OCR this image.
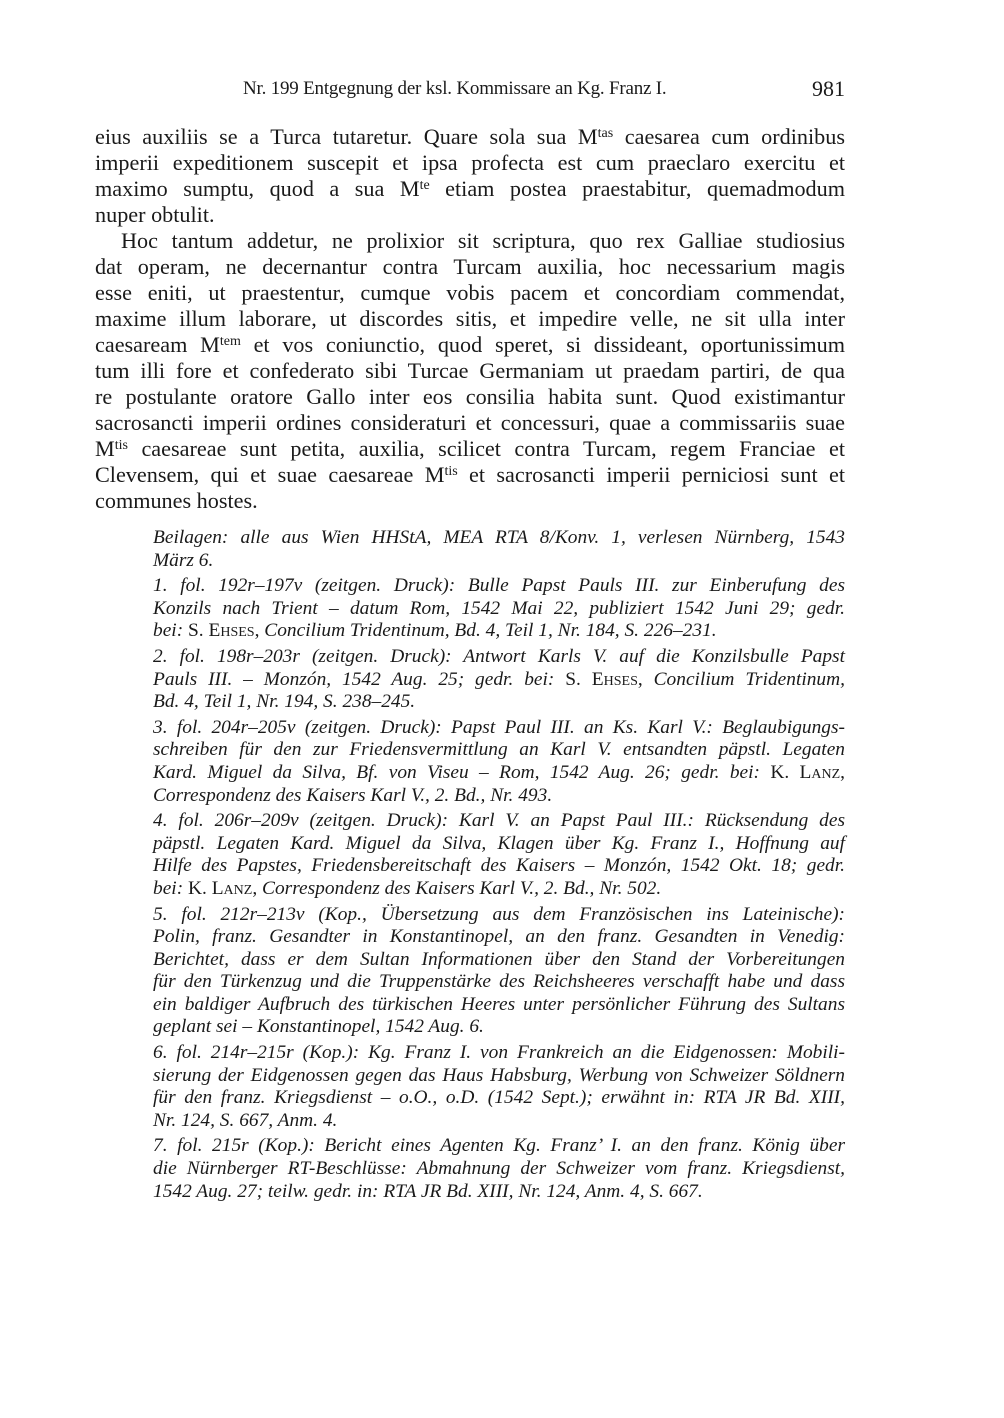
Nr. 199 Entgegnung der ksl. Kommissare an Kg. Franz I.	981
eius auxiliis se a Turca tutaretur. Quare sola sua $M^{tas}$ caesarea cum ordinibus
imperii expeditionem suscepit et ipsa profecta est cum praeclaro exercitu et
maximo sumptu, quod a sua $M^{te}$ etiam postea praestabitur, quemadmodum
nuper obtulit.
Hoc tantum addetur, ne prolixior sit scriptura, quo rex Galliae studiosius
dat operam, ne decernantur contra Turcam auxilia, hoc necessarium magis
esse eniti, ut praestentur, cumque vobis pacem et concordiam commendat,
maxime illum laborare, ut discordes sitis, et impedire velle, ne sit ulla inter
caesaream $M^{tem}$ et vos coniunctio, quod speret, si dissideant, oportunissimum
tum illi fore et confederato sibi Turcae Germaniam ut praedam partiri, de qua
re postulante oratore Gallo inter eos consilia habita sunt. Quod existimantur
sacrosancti imperii ordines consideraturi et concessuri, quae a commissariis suae
$M^{tis}$ caesareae sunt petita, auxilia, scilicet contra Turcam, regem Franciae et
Clevensem, qui et suae caesareae $M^{tis}$ et sacrosancti imperii perniciosi sunt et
communes hostes.
Beilagen: alle aus Wien HHStA, MEA RTA 8/Konv. 1, verlesen Nürnberg, 1543
März 6.
1. fol. 192r–197v (zeitgen. Druck): Bulle Papst Pauls III. zur Einberufung des
Konzils nach Trient – datum Rom, 1542 Mai 22, publiziert 1542 Juni 29; gedr.
bei: S. Ehses, Concilium Tridentinum, Bd. 4, Teil 1, Nr. 184, S. 226–231.
2. fol. 198r–203r (zeitgen. Druck): Antwort Karls V. auf die Konzilsbulle Papst
Pauls III. – Monzón, 1542 Aug. 25; gedr. bei: S. Ehses, Concilium Tridentinum,
Bd. 4, Teil 1, Nr. 194, S. 238–245.
3. fol. 204r–205v (zeitgen. Druck): Papst Paul III. an Ks. Karl V.: Beglaubigungs-
schreiben für den zur Friedensvermittlung an Karl V. entsandten päpstl. Legaten
Kard. Miguel da Silva, Bf. von Viseu – Rom, 1542 Aug. 26; gedr. bei: K. Lanz,
Correspondenz des Kaisers Karl V., 2. Bd., Nr. 493.
4. fol. 206r–209v (zeitgen. Druck): Karl V. an Papst Paul III.: Rücksendung des
päpstl. Legaten Kard. Miguel da Silva, Klagen über Kg. Franz I., Hoffnung auf
Hilfe des Papstes, Friedensbereitschaft des Kaisers – Monzón, 1542 Okt. 18; gedr.
bei: K. Lanz, Correspondenz des Kaisers Karl V., 2. Bd., Nr. 502.
5. fol. 212r–213v (Kop., Übersetzung aus dem Französischen ins Lateinische):
Polin, franz. Gesandter in Konstantinopel, an den franz. Gesandten in Venedig:
Berichtet, dass er dem Sultan Informationen über den Stand der Vorbereitungen
für den Türkenzug und die Truppenstärke des Reichsheeres verschafft habe und dass
ein baldiger Aufbruch des türkischen Heeres unter persönlicher Führung des Sultans
geplant sei – Konstantinopel, 1542 Aug. 6.
6. fol. 214r–215r (Kop.): Kg. Franz I. von Frankreich an die Eidgenossen: Mobili-
sierung der Eidgenossen gegen das Haus Habsburg, Werbung von Schweizer Söldnern
für den franz. Kriegsdienst – o.O., o.D. (1542 Sept.); erwähnt in: RTA JR Bd. XIII,
Nr. 124, S. 667, Anm. 4.
7. fol. 215r (Kop.): Bericht eines Agenten Kg. Franz’ I. an den franz. König über
die Nürnberger RT-Beschlüsse: Abmahnung der Schweizer vom franz. Kriegsdienst,
1542 Aug. 27; teilw. gedr. in: RTA JR Bd. XIII, Nr. 124, Anm. 4, S. 667.
